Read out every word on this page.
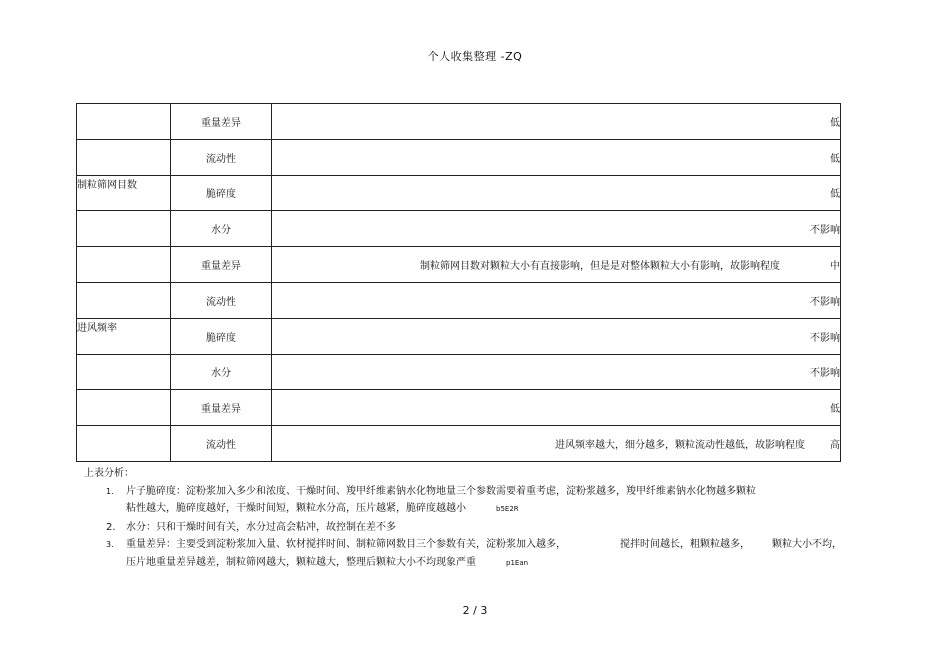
个人收集整理 -ZQ
	重量差异	低
	流动性	低
制粒筛网目数	脆碎度	低
	水分	不影响
	重量差异	制粒筛网目数对颗粒大小有直接影响，但是是对整体颗粒大小有影响，故影响程度 中
	流动性	不影响
进风频率	脆碎度	不影响
	水分	不影响
	重量差异	低
	流动性	进风频率越大，细分越多，颗粒流动性越低，故影响程度 高
上表分析：
1. 片子脆碎度：淀粉浆加入多少和浓度、干燥时间、羧甲纤维素钠水化物地量三个参数需要着重考虑，淀粉浆越多，羧甲纤维素钠水化物越多颗粒
粘性越大，脆碎度越好，干燥时间短，颗粒水分高，压片越紧，脆碎度越越小	b5E2R
2. 水分：只和干燥时间有关，水分过高会粘冲，故控制在差不多
3. 重量差异：主要受到淀粉浆加入量、软材搅拌时间、制粒筛网数目三个参数有关，淀粉浆加入越多，	搅拌时间越长，粗颗粒越多， 颗粒大小不均，
压片地重量差异越差，制粒筛网越大，颗粒越大，整理后颗粒大小不均现象严重	p1Ean
2 / 3
